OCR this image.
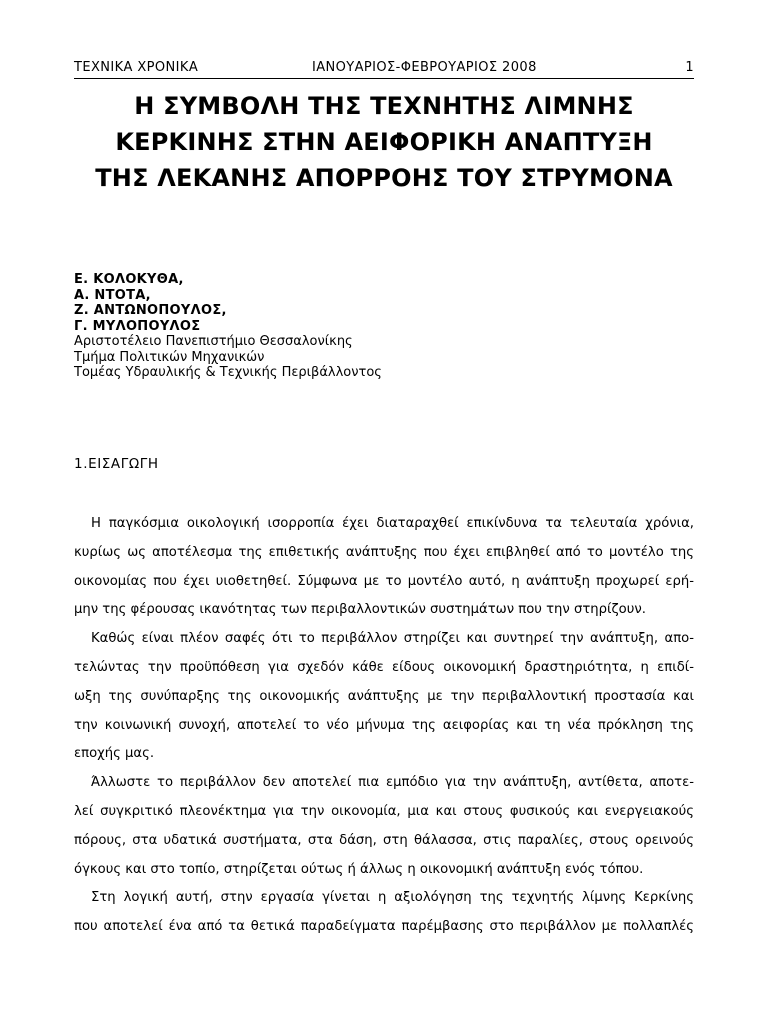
ΤΕΧΝΙΚΑ ΧΡΟΝΙΚΑ	ΙΑΝΟΥΑΡΙΟΣ-ΦΕΒΡΟΥΑΡΙΟΣ 2008	1
Η ΣΥΜΒΟΛΗ ΤΗΣ ΤΕΧΝΗΤΗΣ ΛΙΜΝΗΣ
ΚΕΡΚΙΝΗΣ ΣΤΗΝ ΑΕΙΦΟΡΙΚΗ ΑΝΑΠΤΥΞΗ
ΤΗΣ ΛΕΚΑΝΗΣ ΑΠΟΡΡΟΗΣ ΤΟΥ ΣΤΡΥΜΟΝΑ
Ε. ΚΟΛΟΚΥΘΑ,
Α. ΝΤΟΤΑ,
Ζ. ΑΝΤΩΝΟΠΟΥΛΟΣ,
Γ. ΜΥΛΟΠΟΥΛΟΣ
Αριστοτέλειο Πανεπιστήμιο Θεσσαλονίκης
Τμήμα Πολιτικών Μηχανικών
Τομέας Υδραυλικής & Τεχνικής Περιβάλλοντος
1.ΕΙΣΑΓΩΓΗ
Η παγκόσμια οικολογική ισορροπία έχει διαταραχθεί επικίνδυνα τα τελευταία χρόνια,
κυρίως ως αποτέλεσμα της επιθετικής ανάπτυξης που έχει επιβληθεί από το μοντέλο της
οικονομίας που έχει υιοθετηθεί. Σύμφωνα με το μοντέλο αυτό, η ανάπτυξη προχωρεί ερή-
μην της φέρουσας ικανότητας των περιβαλλοντικών συστημάτων που την στηρίζουν.
Καθώς είναι πλέον σαφές ότι το περιβάλλον στηρίζει και συντηρεί την ανάπτυξη, απο-
τελώντας την προϋπόθεση για σχεδόν κάθε είδους οικονομική δραστηριότητα, η επιδί-
ωξη της συνύπαρξης της οικονομικής ανάπτυξης με την περιβαλλοντική προστασία και
την κοινωνική συνοχή, αποτελεί το νέο μήνυμα της αειφορίας και τη νέα πρόκληση της
εποχής μας.
Άλλωστε το περιβάλλον δεν αποτελεί πια εμπόδιο για την ανάπτυξη, αντίθετα, αποτε-
λεί συγκριτικό πλεονέκτημα για την οικονομία, μια και στους φυσικούς και ενεργειακούς
πόρους, στα υδατικά συστήματα, στα δάση, στη θάλασσα, στις παραλίες, στους ορεινούς
όγκους και στο τοπίο, στηρίζεται ούτως ή άλλως η οικονομική ανάπτυξη ενός τόπου.
Στη λογική αυτή, στην εργασία γίνεται η αξιολόγηση της τεχνητής λίμνης Κερκίνης
που αποτελεί ένα από τα θετικά παραδείγματα παρέμβασης στο περιβάλλον με πολλαπλές
